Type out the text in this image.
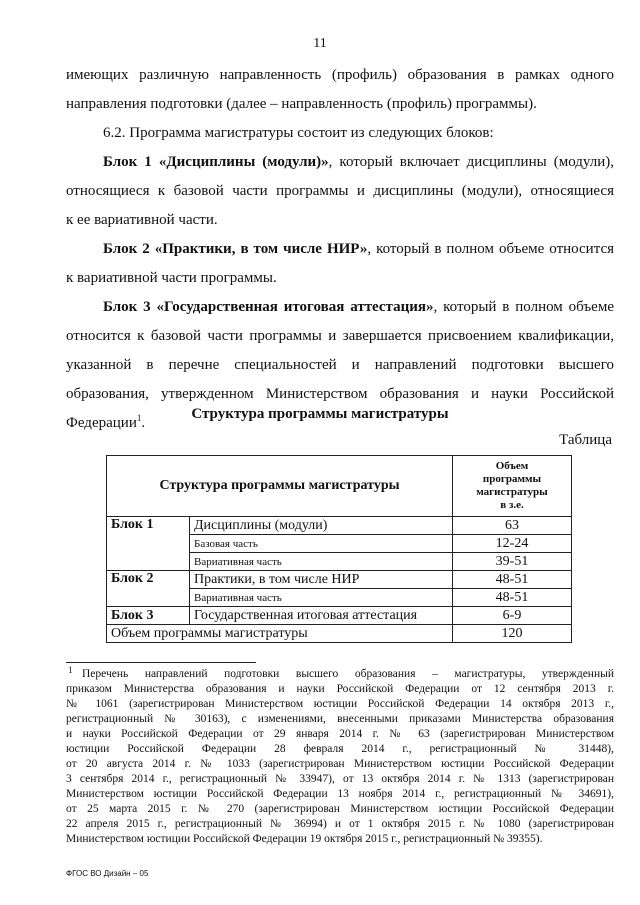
11
имеющих различную направленность (профиль) образования в рамках одного
направления подготовки (далее – направленность (профиль) программы).
6.2. Программа магистратуры состоит из следующих блоков:
Блок 1 «Дисциплины (модули)», который включает дисциплины (модули),
относящиеся к базовой части программы и дисциплины (модули), относящиеся
к ее вариативной части.
Блок 2 «Практики, в том числе НИР», который в полном объеме относится
к вариативной части программы.
Блок 3 «Государственная итоговая аттестация», который в полном объеме
относится к базовой части программы и завершается присвоением квалификации,
указанной в перечне специальностей и направлений подготовки высшего
образования, утвержденном Министерством образования и науки Российской
Федерации$^1$.
Структура программы магистратуры
Таблица
Структура программы магистратуры		Объем
программы
магистратуры
в з.е.

Блок 1	Дисциплины (модули)	63
	Базовая часть	12-24
	Вариативная часть	39-51
Блок 2	Практики, в том числе НИР	48-51
	Вариативная часть	48-51
Блок 3	Государственная итоговая аттестация	6-9
Объем программы магистратуры		120
1 Перечень направлений подготовки высшего образования – магистратуры, утвержденный
приказом Министерства образования и науки Российской Федерации от 12 сентября 2013 г.
№ 1061 (зарегистрирован Министерством юстиции Российской Федерации 14 октября 2013 г.,
регистрационный № 30163), с изменениями, внесенными приказами Министерства образования
и науки Российской Федерации от 29 января 2014 г. № 63 (зарегистрирован Министерством
юстиции Российской Федерации 28 февраля 2014 г., регистрационный № 31448),
от 20 августа 2014 г. № 1033 (зарегистрирован Министерством юстиции Российской Федерации
3 сентября 2014 г., регистрационный № 33947), от 13 октября 2014 г. № 1313 (зарегистрирован
Министерством юстиции Российской Федерации 13 ноября 2014 г., регистрационный № 34691),
от 25 марта 2015 г. № 270 (зарегистрирован Министерством юстиции Российской Федерации
22 апреля 2015 г., регистрационный № 36994) и от 1 октября 2015 г. № 1080 (зарегистрирован
Министерством юстиции Российской Федерации 19 октября 2015 г., регистрационный № 39355).
ФГОС ВО Дизайн – 05
